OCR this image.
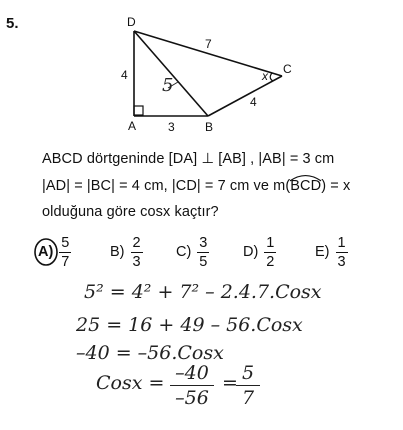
5.	D
A	B
C
4
3
4
7
x
5
ABCD dörtgeninde [DA] ⊥ [AB] , |AB| = 3 cm
|AD| = |BC| = 4 cm, |CD| = 7 cm ve m(BCD) = x
olduğuna göre cosx kaçtır?
$A) \frac{5}{7}$	$B) \frac{2}{3} C) \frac{3}{5} D) \frac{1}{2}$	$E) \frac{1}{3}$
5² = 4² + 7² – 2.4.7.Cosx
25 = 16 + 49 – 56.Cosx
–40 = –56.Cosx
Cosx = –40
–56
= 5
7
